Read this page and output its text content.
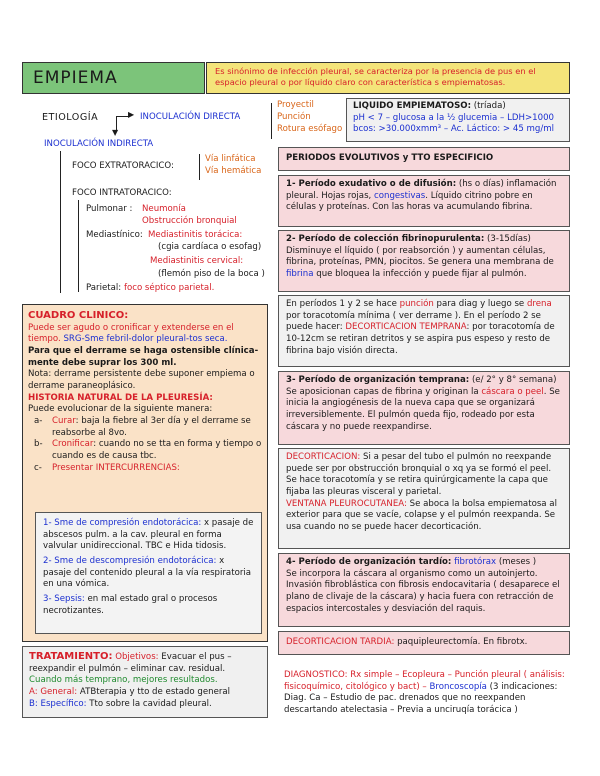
EMPIEMA	Es sinónimo de infección pleural, se caracteriza por la presencia de pus en el espacio pleural o por líquido claro con característica s empiematosas.
ETIOLOGÍA	▶ INOCULACIÓN DIRECTA
Proyectil
Punción
Rotura esófago
▼
INOCULACIÓN INDIRECTA
FOCO EXTRATORACICO:
Vía linfática
Vía hemática
FOCO INTRATORACICO:
Pulmonar : Neumonía
Obstrucción bronquial
Mediastínico: Mediastinitis torácica:
(cgia cardíaca o esofag)
Mediastinitis cervical:
(flemón piso de la boca )
Parietal: foco séptico parietal.
LIQUIDO EMPIEMATOSO: (tríada)
pH < 7 – glucosa a la ½ glucemia – LDH>1000
bcos: >30.000xmm³ – Ac. Láctico: > 45 mg/ml
PERIODOS EVOLUTIVOS y TTO ESPECIFICIO
1- Período exudativo o de difusión: (hs o días) inflamación pleural. Hojas rojas, congestivas. Líquido citrino pobre en células y proteínas. Con las horas va acumulando fibrina.
2- Período de colección fibrinopurulenta: (3-15días) Disminuye el líquido ( por reabsorción ) y aumentan células, fibrina, proteínas, PMN, piocitos. Se genera una membrana de fibrina que bloquea la infección y puede fijar al pulmón.
En períodos 1 y 2 se hace punción para diag y luego se drena por toracotomía mínima ( ver derrame ). En el período 2 se puede hacer: DECORTICACION TEMPRANA: por toracotomía de 10-12cm se retiran detritos y se aspira pus espeso y resto de fibrina bajo visión directa.
3- Período de organización temprana: (e/ 2° y 8° semana)
Se aposicionan capas de fibrina y originan la cáscara o peel. Se inicia la angiogénesis de la nueva capa que se organizará irreversiblemente. El pulmón queda fijo, rodeado por esta cáscara y no puede reexpandirse.
DECORTICACION: Si a pesar del tubo el pulmón no reexpande puede ser por obstrucción bronquial o xq ya se formó el peel. Se hace toracotomía y se retira quirúrgicamente la capa que fijaba las pleuras visceral y parietal.
VENTANA PLEUROCUTANEA: Se aboca la bolsa empiematosa al exterior para que se vacíe, colapse y el pulmón reexpanda. Se usa cuando no se puede hacer decorticación.
4- Período de organización tardío: fibrotórax (meses )
Se incorpora la cáscara al organismo como un autoinjerto. Invasión fibroblástica con fibrosis endocavitaria ( desaparece el plano de clivaje de la cáscara) y hacia fuera con retracción de espacios intercostales y desviación del raquis.
DECORTICACION TARDIA: paquipleurectomía. En fibrotx.
DIAGNOSTICO: Rx simple – Ecopleura – Punción pleural ( análisis: fisicoquímico, citológico y bact) – Broncoscopía (3 indicaciones: Diag. Ca – Estudio de pac. drenados que no reexpanden descartando atelectasia – Previa a unciruqía torácica )
CUADRO CLINICO:
Puede ser agudo o cronificar y extenderse en el tiempo. SRG-Sme febril-dolor pleural-tos seca.
Para que el derrame se haga ostensible clínica- mente debe suprar los 300 ml.
Nota: derrame persistente debe suponer empiema o derrame paraneoplásico.
HISTORIA NATURAL DE LA PLEURESÍA:
Puede evolucionar de la siguiente manera:
a-	Curar: baja la fiebre al 3er día y el derrame se reabsorbe al 8vo.
b-	Cronificar: cuando no se tta en forma y tiempo o cuando es de causa tbc.
c-	Presentar INTERCURRENCIAS:
1- Sme de compresión endotorácica: x pasaje de abscesos pulm. a la cav. pleural en forma valvular unidireccional. TBC e Hida tidosis.
2- Sme de descompresión endotorácica: x pasaje del contenido pleural a la vía respiratoria en una vómica.
3- Sepsis: en mal estado gral o procesos necrotizantes.
TRATAMIENTO: Objetivos: Evacuar el pus – reexpandir el pulmón – eliminar cav. residual.
Cuando más temprano, mejores resultados.
A: General: ATBterapia y tto de estado general
B: Específico: Tto sobre la cavidad pleural.
